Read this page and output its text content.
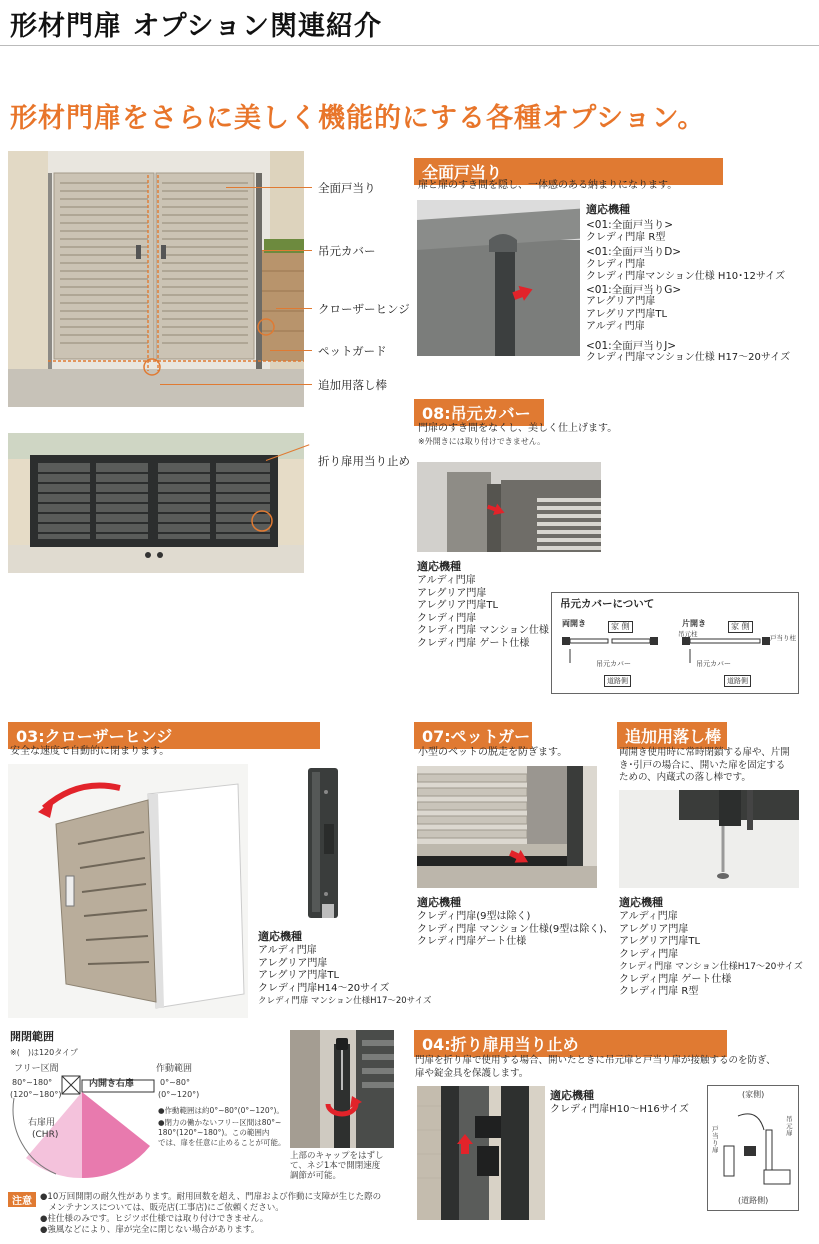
形材門扉 オプション関連紹介
形材門扉をさらに美しく機能的にする各種オプション。
全面戸当り
吊元カバー
クローザーヒンジ
ペットガード
追加用落し棒
折り扉用当り止め
全面戸当り
扉と扉のすき間を隠し、一体感のある納まりになります。
適応機種
<01:全面戸当り>
クレディ門扉 R型
<01:全面戸当りD>
クレディ門扉
クレディ門扉マンション仕様 H10･12サイズ
<01:全面戸当りG>
アレグリア門扉
アレグリア門扉TL
アルディ門扉
<01:全面戸当りJ>
クレディ門扉マンション仕様 H17～20サイズ
08:吊元カバー
門扉のすき間をなくし、美しく仕上げます。
※外開きには取り付けできません。
適応機種
アルディ門扉
アレグリア門扉
アレグリア門扉TL
クレディ門扉
クレディ門扉 マンション仕様
クレディ門扉 ゲート仕様
吊元カバーについて
両開き	片開き
家 側	家 側
吊元カバー	吊元カバー
吊元柱	戸当り柱
道路側	道路側
03:クローザーヒンジ
安全な速度で自動的に閉まります。
適応機種
アルディ門扉
アレグリア門扉
アレグリア門扉TL
クレディ門扉H14～20サイズ
クレディ門扉 マンション仕様H17～20サイズ
開閉範囲
※(　)は120タイプ
フリー区間
80°~180°
(120°~180°)
作動範囲
0°~80°
(0°~120°)
内開き右扉
右扉用
(CHR)
●作動範囲は約0°~80°(0°~120°)。
●閉力の働かないフリー区間は80°~
180°(120°~180°)。この範囲内
では、扉を任意に止めることが可能。
上部のキャップをはずし
て、ネジ1本で開閉速度
調節が可能。
注意 ●10万回開閉の耐久性があります。耐用回数を超え、門扉および作動に支障が生じた際の
　メンテナンスについては、販売店(工事店)にご依頼ください。
●柱仕様のみです。ヒジツボ仕様では取り付けできません。
●強風などにより、扉が完全に閉じない場合があります。
07:ペットガード
小型のペットの脱走を防ぎます。
適応機種
クレディ門扉(9型は除く)
クレディ門扉 マンション仕様(9型は除く)、
クレディ門扉ゲート仕様
追加用落し棒
両開き使用時に常時閉鎖する扉や、片開
き･引戸の場合に、開いた扉を固定する
ための、内蔵式の落し棒です。
適応機種
アルディ門扉
アレグリア門扉
アレグリア門扉TL
クレディ門扉
クレディ門扉 マンション仕様H17～20サイズ
クレディ門扉 ゲート仕様
クレディ門扉 R型
04:折り扉用当り止め
門扉を折り扉で使用する場合、開いたときに吊元扉と戸当り扉が接触するのを防ぎ、
扉や錠金具を保護します。
適応機種
クレディ門扉H10～H16サイズ
(家側)
(道路側)
戸当り扉
吊元扉
